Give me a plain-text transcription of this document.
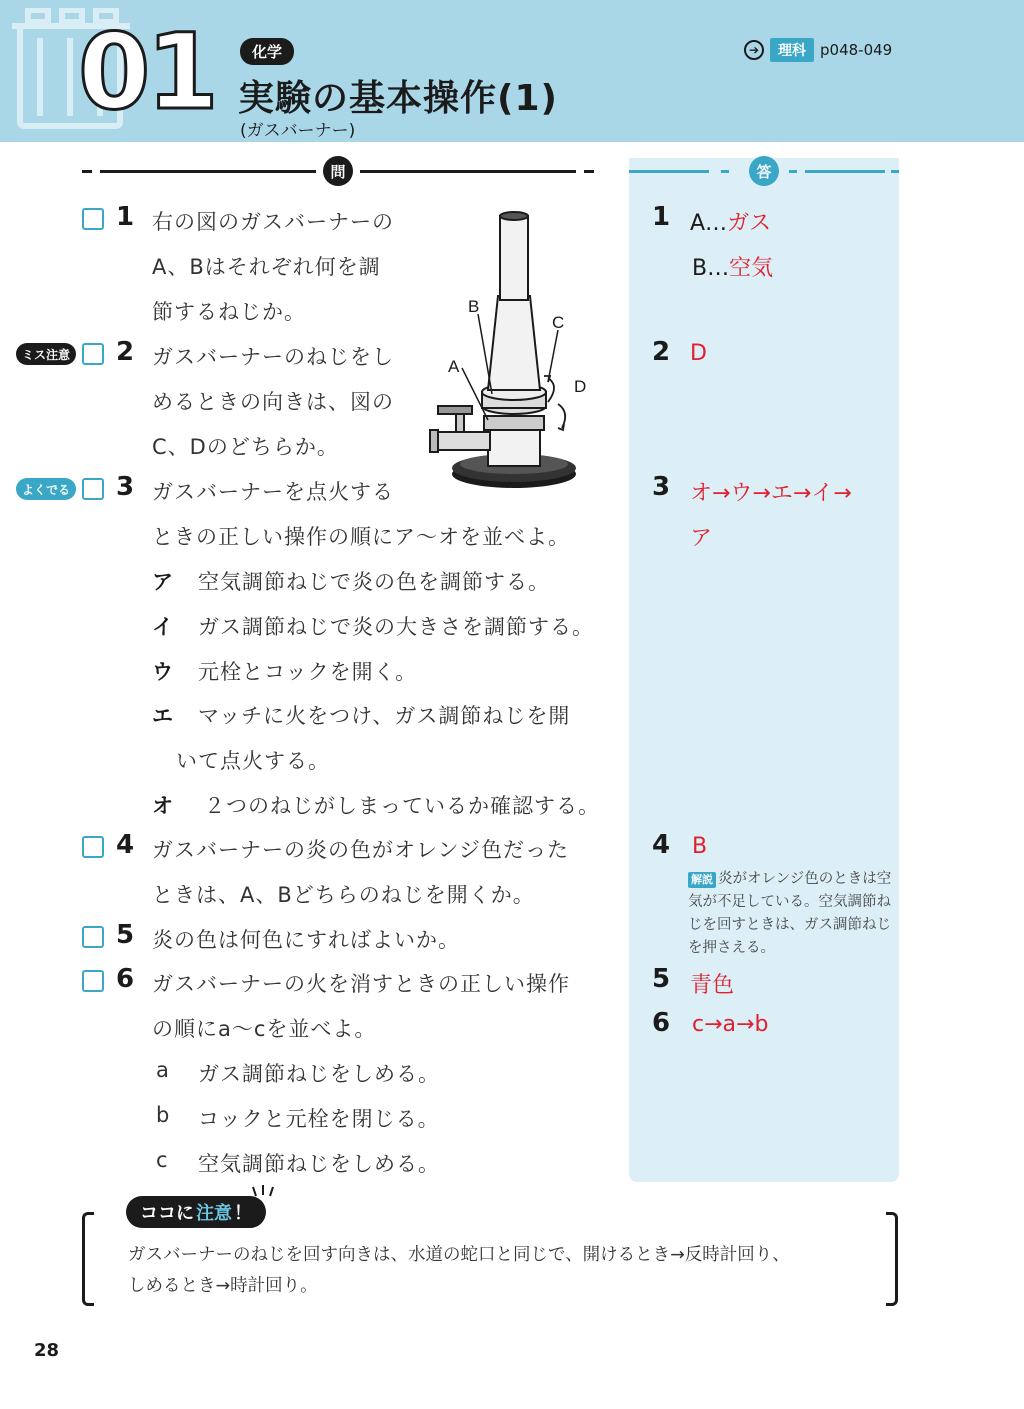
01	化学
実験の基本操作(1)
(ガスバーナー)
➔	理科 p048-049
問	答
B
A
C
D
1 右の図のガスバーナーの
A、Bはそれぞれ何を調
節するねじか。
ミス注意 2 ガスバーナーのねじをし
めるときの向きは、図の
C、Dのどちらか。
よくでる 3 ガスバーナーを点火する
ときの正しい操作の順にア～オを並べよ。
ア 空気調節ねじで炎の色を調節する。
イ ガス調節ねじで炎の大きさを調節する。
ウ 元栓とコックを開く。
エ マッチに火をつけ、ガス調節ねじを開
いて点火する。
オ ２つのねじがしまっているか確認する。
4 ガスバーナーの炎の色がオレンジ色だった
ときは、A、Bどちらのねじを開くか。
5 炎の色は何色にすればよいか。
6 ガスバーナーの火を消すときの正しい操作
の順にa～cを並べよ。
a ガス調節ねじをしめる。
b コックと元栓を閉じる。
c 空気調節ねじをしめる。
1 A…ガス
B…空気
2 D
3 オ→ウ→エ→イ→
ア
4 B
解説 炎がオレンジ色のときは空気が不足している。空気調節ねじを回すときは、ガス調節ねじを押さえる。
5 青色
6 c→a→b
ココに 注意 ！
ガスバーナーのねじを回す向きは、水道の蛇口と同じで、開けるとき→反時計回り、
しめるとき→時計回り。
28
